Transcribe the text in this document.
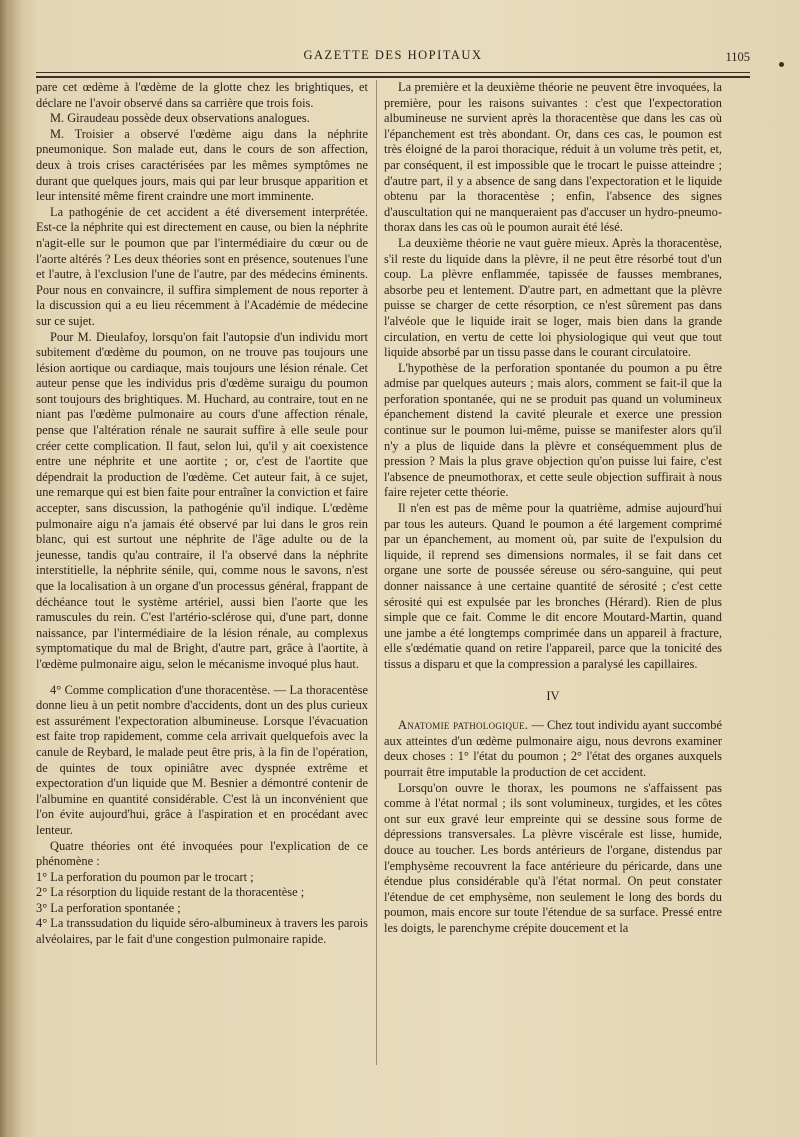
GAZETTE DES HOPITAUX	1105

pare cet œdème à l'œdème de la glotte chez les brightiques, et déclare ne l'avoir observé dans sa carrière que trois fois.

M. Giraudeau possède deux observations analogues.

M. Troisier a observé l'œdème aigu dans la néphrite pneumonique. Son malade eut, dans le cours de son affection, deux à trois crises caractérisées par les mêmes symptômes ne durant que quelques jours, mais qui par leur brusque apparition et leur intensité même firent craindre une mort imminente.

La pathogénie de cet accident a été diversement interprétée. Est-ce la néphrite qui est directement en cause, ou bien la néphrite n'agit-elle sur le poumon que par l'intermédiaire du cœur ou de l'aorte altérés ? Les deux théories sont en présence, soutenues l'une et l'autre, à l'exclusion l'une de l'autre, par des médecins éminents. Pour nous en convaincre, il suffira simplement de nous reporter à la discussion qui a eu lieu récemment à l'Académie de médecine sur ce sujet.

Pour M. Dieulafoy, lorsqu'on fait l'autopsie d'un individu mort subitement d'œdème du poumon, on ne trouve pas toujours une lésion aortique ou cardiaque, mais toujours une lésion rénale. Cet auteur pense que les individus pris d'œdème suraigu du poumon sont toujours des brightiques. M. Huchard, au contraire, tout en ne niant pas l'œdème pulmonaire au cours d'une affection rénale, pense que l'altération rénale ne saurait suffire à elle seule pour créer cette complication. Il faut, selon lui, qu'il y ait coexistence entre une néphrite et une aortite ; or, c'est de l'aortite que dépendrait la production de l'œdème. Cet auteur fait, à ce sujet, une remarque qui est bien faite pour entraîner la conviction et faire accepter, sans discussion, la pathogénie qu'il indique. L'œdème pulmonaire aigu n'a jamais été observé par lui dans le gros rein blanc, qui est surtout une néphrite de l'âge adulte ou de la jeunesse, tandis qu'au contraire, il l'a observé dans la néphrite interstitielle, la néphrite sénile, qui, comme nous le savons, n'est que la localisation à un organe d'un processus général, frappant de déchéance tout le système artériel, aussi bien l'aorte que les ramuscules du rein. C'est l'artério-sclérose qui, d'une part, donne naissance, par l'intermédiaire de la lésion rénale, au complexus symptomatique du mal de Bright, d'autre part, grâce à l'aortite, à l'œdème pulmonaire aigu, selon le mécanisme invoqué plus haut.

4° Comme complication d'une thoracentèse. — La thoracentèse donne lieu à un petit nombre d'accidents, dont un des plus curieux est assurément l'expectoration albumineuse. Lorsque l'évacuation est faite trop rapidement, comme cela arrivait quelquefois avec la canule de Reybard, le malade peut être pris, à la fin de l'opération, de quintes de toux opiniâtre avec dyspnée extrême et expectoration d'un liquide que M. Besnier a démontré contenir de l'albumine en quantité considérable. C'est là un inconvénient que l'on évite aujourd'hui, grâce à l'aspiration et en procédant avec lenteur.

Quatre théories ont été invoquées pour l'explication de ce phénomène :

1° La perforation du poumon par le trocart ;

2° La résorption du liquide restant de la thoracentèse ;

3° La perforation spontanée ;

4° La transsudation du liquide séro-albumineux à travers les parois alvéolaires, par le fait d'une congestion pulmonaire rapide.

La première et la deuxième théorie ne peuvent être invoquées, la première, pour les raisons suivantes : c'est que l'expectoration albumineuse ne survient après la thoracentèse que dans les cas où l'épanchement est très abondant. Or, dans ces cas, le poumon est très éloigné de la paroi thoracique, réduit à un volume très petit, et, par conséquent, il est impossible que le trocart le puisse atteindre ; d'autre part, il y a absence de sang dans l'expectoration et le liquide obtenu par la thoracentèse ; enfin, l'absence des signes d'auscultation qui ne manqueraient pas d'accuser un hydro-pneumo-thorax dans les cas où le poumon aurait été lésé.

La deuxième théorie ne vaut guère mieux. Après la thoracentèse, s'il reste du liquide dans la plèvre, il ne peut être résorbé tout d'un coup. La plèvre enflammée, tapissée de fausses membranes, absorbe peu et lentement. D'autre part, en admettant que la plèvre puisse se charger de cette résorption, ce n'est sûrement pas dans l'alvéole que le liquide irait se loger, mais bien dans la grande circulation, en vertu de cette loi physiologique qui veut que tout liquide absorbé par un tissu passe dans le courant circulatoire.

L'hypothèse de la perforation spontanée du poumon a pu être admise par quelques auteurs ; mais alors, comment se fait-il que la perforation spontanée, qui ne se produit pas quand un volumineux épanchement distend la cavité pleurale et exerce une pression continue sur le poumon lui-même, puisse se manifester alors qu'il n'y a plus de liquide dans la plèvre et conséquemment plus de pression ? Mais la plus grave objection qu'on puisse lui faire, c'est l'absence de pneumothorax, et cette seule objection suffirait à nous faire rejeter cette théorie.

Il n'en est pas de même pour la quatrième, admise aujourd'hui par tous les auteurs. Quand le poumon a été largement comprimé par un épanchement, au moment où, par suite de l'expulsion du liquide, il reprend ses dimensions normales, il se fait dans cet organe une sorte de poussée séreuse ou séro-sanguine, qui peut donner naissance à une certaine quantité de sérosité ; c'est cette sérosité qui est expulsée par les bronches (Hérard). Rien de plus simple que ce fait. Comme le dit encore Moutard-Martin, quand une jambe a été longtemps comprimée dans un appareil à fracture, elle s'œdématie quand on retire l'appareil, parce que la tonicité des tissus a disparu et que la compression a paralysé les capillaires.

IV

Anatomie pathologique. — Chez tout individu ayant succombé aux atteintes d'un œdème pulmonaire aigu, nous devrons examiner deux choses : 1° l'état du poumon ; 2° l'état des organes auxquels pourrait être imputable la production de cet accident.

Lorsqu'on ouvre le thorax, les poumons ne s'affaissent pas comme à l'état normal ; ils sont volumineux, turgides, et les côtes ont sur eux gravé leur empreinte qui se dessine sous forme de dépressions transversales. La plèvre viscérale est lisse, humide, douce au toucher. Les bords antérieurs de l'organe, distendus par l'emphysème recouvrent la face antérieure du péricarde, dans une étendue plus considérable qu'à l'état normal. On peut constater l'étendue de cet emphysème, non seulement le long des bords du poumon, mais encore sur toute l'étendue de sa surface. Pressé entre les doigts, le parenchyme crépite doucement et la
